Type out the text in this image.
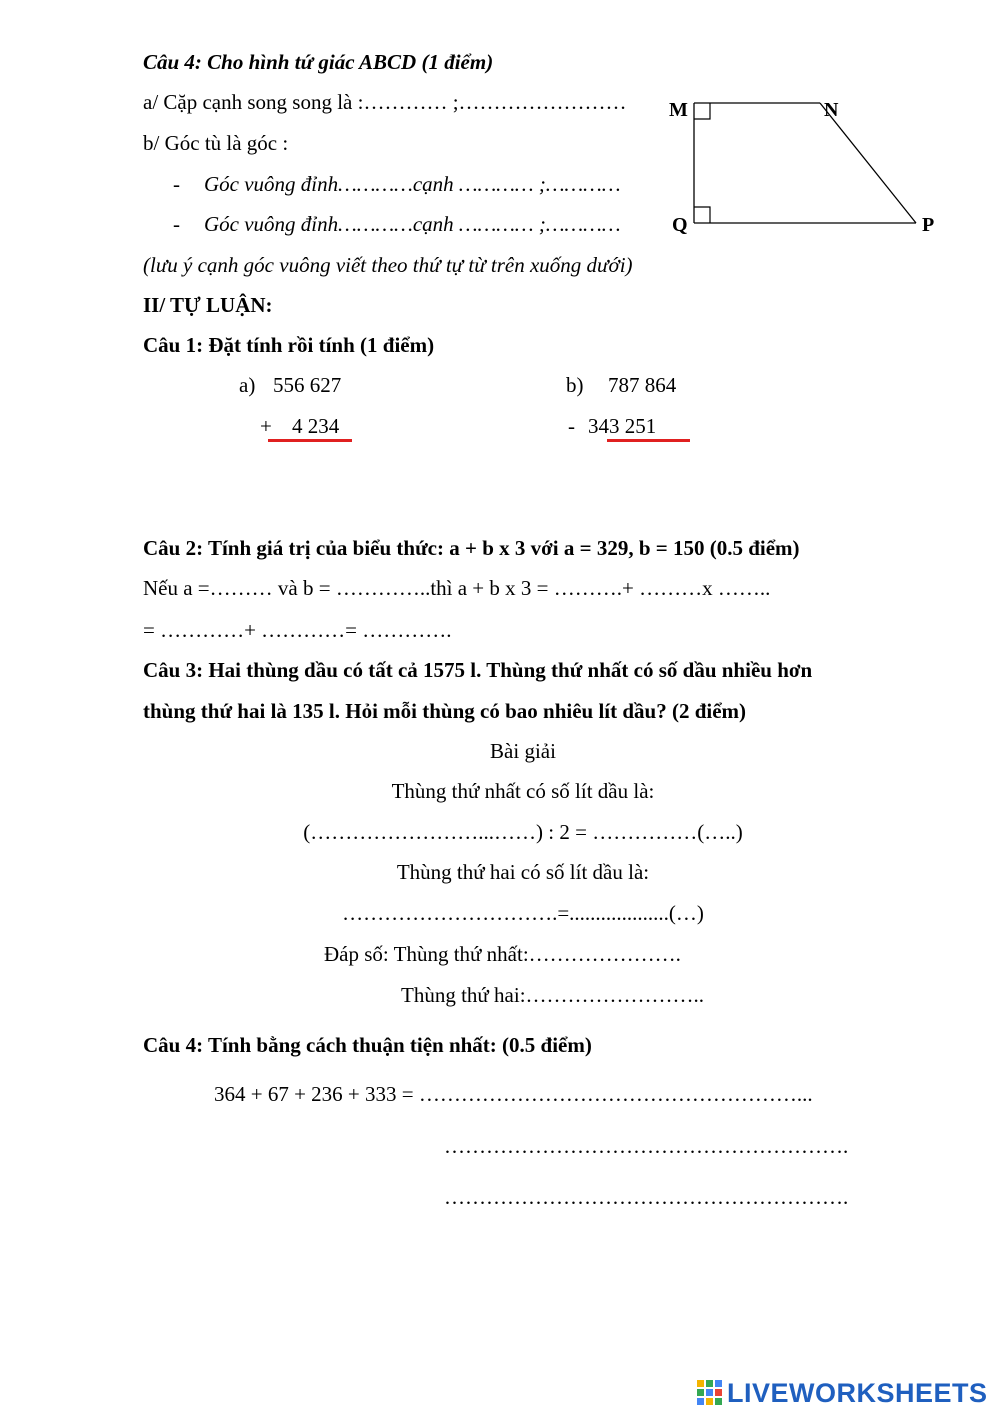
Câu 4: Cho hình tứ giác ABCD (1 điểm)
a/ Cặp cạnh song song là :………… ;……………………
b/ Góc tù là góc :
- Góc vuông đỉnh…………cạnh ………… ;…………
- Góc vuông đỉnh…………cạnh ………… ;…………
(lưu ý cạnh góc vuông viết theo thứ tự từ trên xuống dưới)
M	N
Q	P
II/ TỰ LUẬN:
Câu 1: Đặt tính rồi tính (1 điểm)
a) 556 627
+ 4 234
b) 787 864
- 343 251
Câu 2: Tính giá trị của biểu thức: a + b x 3 với a = 329, b = 150 (0.5 điểm)
Nếu a =……… và b = …………..thì a + b x 3 = ……….+ ………x ……..
= …………+ …………= ………….
Câu 3: Hai thùng dầu có tất cả 1575 l. Thùng thứ nhất có số dầu nhiều hơn
thùng thứ hai là 135 l. Hỏi mỗi thùng có bao nhiêu lít dầu? (2 điểm)
Bài giải
Thùng thứ nhất có số lít dầu là:
(……………………...……) : 2 = ……………(…..)
Thùng thứ hai có số lít dầu là:
………………………….=...................(…)
Đáp số: Thùng thứ nhất:………………….
Thùng thứ hai:……………………..
Câu 4: Tính bằng cách thuận tiện nhất: (0.5 điểm)
364 + 67 + 236 + 333 = ………………………………………………...
………………………………………………….
………………………………………………….
LIVEWORKSHEETS
